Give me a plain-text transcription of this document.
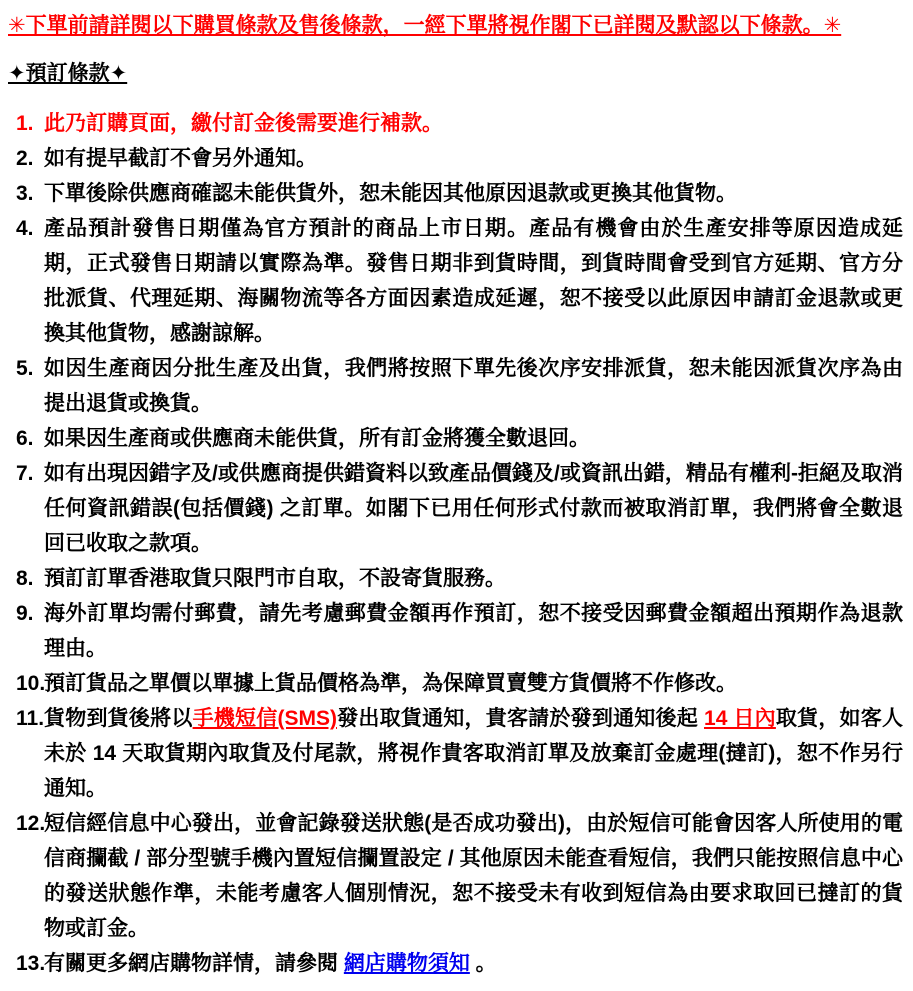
✳下單前請詳閱以下購買條款及售後條款，一經下單將視作閣下已詳閱及默認以下條款。✳
✦預訂條款✦
1. 此乃訂購頁面，繳付訂金後需要進行補款。
2. 如有提早截訂不會另外通知。
3. 下單後除供應商確認未能供貨外，恕未能因其他原因退款或更換其他貨物。
4. 產品預計發售日期僅為官方預計的商品上市日期。產品有機會由於生產安排等原因造成延期，正式發售日期請以實際為準。發售日期非到貨時間，到貨時間會受到官方延期、官方分批派貨、代理延期、海關物流等各方面因素造成延遲，恕不接受以此原因申請訂金退款或更換其他貨物，感謝諒解。
5. 如因生產商因分批生產及出貨，我們將按照下單先後次序安排派貨，恕未能因派貨次序為由提出退貨或換貨。
6. 如果因生產商或供應商未能供貨，所有訂金將獲全數退回。
7. 如有出現因錯字及/或供應商提供錯資料以致產品價錢及/或資訊出錯，精品有權利-拒絕及取消任何資訊錯誤(包括價錢) 之訂單。如閣下已用任何形式付款而被取消訂單，我們將會全數退回已收取之款項。
8. 預訂訂單香港取貨只限門市自取，不設寄貨服務。
9. 海外訂單均需付郵費，請先考慮郵費金額再作預訂，恕不接受因郵費金額超出預期作為退款理由。
10.
預訂貨品之單價以單據上貨品價格為準，為保障買賣雙方貨價將不作修改。
11. 貨物到貨後將以手機短信(SMS)發出取貨通知，貴客請於發到通知後起 14 日內取貨，如客人未於 14 天取貨期內取貨及付尾款，將視作貴客取消訂單及放棄訂金處理(撻訂)，恕不作另行通知。
12.
短信經信息中心發出，並會記錄發送狀態(是否成功發出)，由於短信可能會因客人所使用的電信商攔截 / 部分型號手機內置短信攔置設定 / 其他原因未能查看短信，我們只能按照信息中心的發送狀態作準，未能考慮客人個別情況，恕不接受未有收到短信為由要求取回已撻訂的貨物或訂金。
13.
有關更多網店購物詳情，請參閱 網店購物須知 。
